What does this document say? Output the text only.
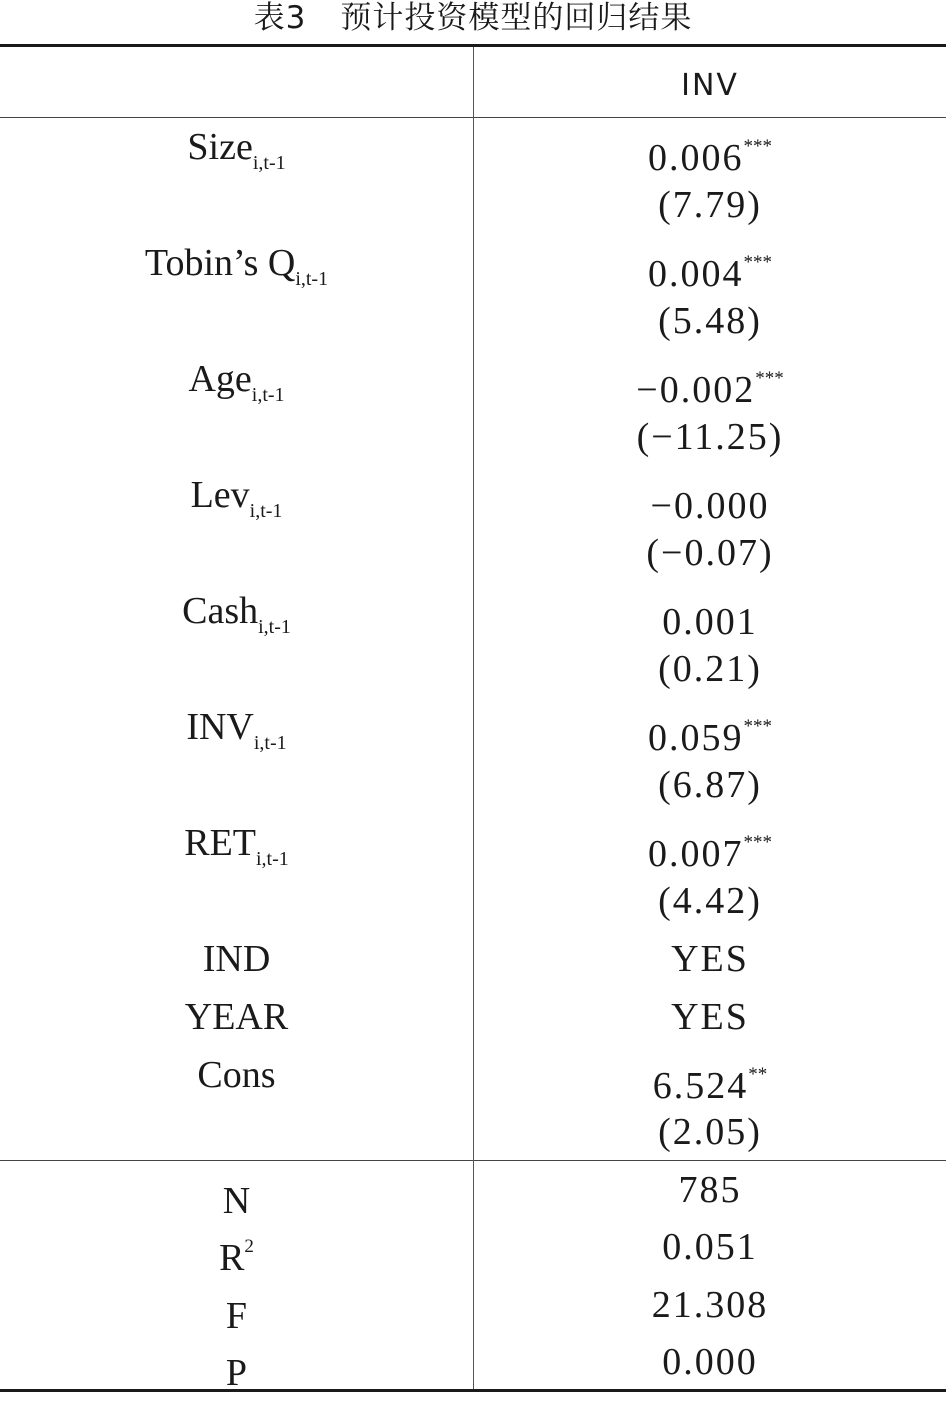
表3 预计投资模型的回归结果
INV
Size$_{i,t-1}$	0.006***
(7.79)
Tobin’s $Q_{i,t-1}$	0.004***
(5.48)
Age$_{i,t-1}$	−0.002***
(−11.25)
Lev$_{i,t-1}$	−0.000
(−0.07)
Cash$_{i,t-1}$	0.001
(0.21)
$INV_{i,t-1}$	0.059***
(6.87)
$RET_{i,t-1}$	0.007***
(4.42)
IND	YES
YEAR	YES
Cons	6.524**
(2.05)
N	785
$R^2$	0.051
F	21.308
P	0.000
